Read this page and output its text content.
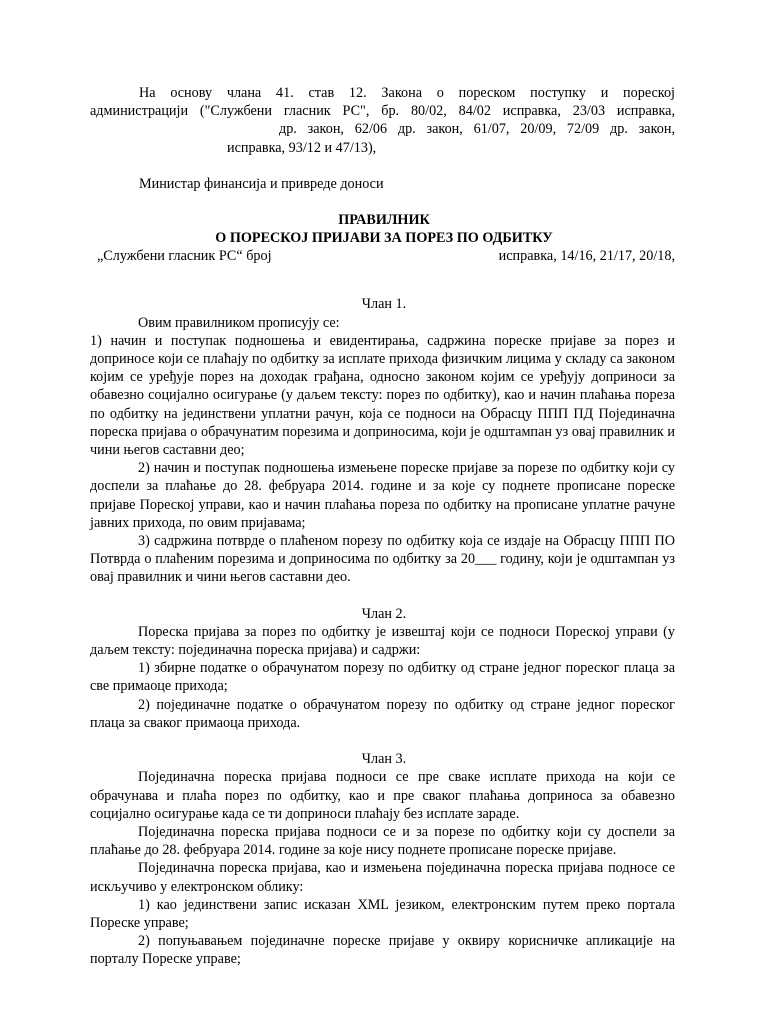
На основу члана 41. став 12. Закона о пореском поступку и пореској

администрацији ("Службени гласник РС", бр. 80/02, 84/02 исправка, 23/03 исправка,

др. закон, 62/06 др. закон, 61/07, 20/09, 72/09 др. закон,

исправка, 93/12 и 47/13),

Министар финансија и привреде доноси

ПРАВИЛНИК

О ПОРЕСКОЈ ПРИЈАВИ ЗА ПОРЕЗ ПО ОДБИТКУ

„Службени гласник РС“ број	исправка, 14/16, 21/17, 20/18,

Члан 1.

Овим правилником прописују се:

1) начин и поступак подношења и евидентирања, садржина пореске пријаве за порез и доприносе који се плаћају по одбитку за исплате прихода физичким лицима у складу са законом којим се уређује порез на доходак грађана, односно законом којим се уређују доприноси за обавезно социјално осигурање (у даљем тексту: порез по одбитку), као и начин плаћања пореза по одбитку на јединствени уплатни рачун, која се подноси на Обрасцу ППП ПД Појединачна пореска пријава о обрачунатим порезима и доприносима, који је одштампан уз овај правилник и чини његов саставни део;

2) начин и поступак подношења измењене пореске пријаве за порезе по одбитку који су доспели за плаћање до 28. фебруара 2014. године и за које су поднете прописане пореске пријаве Пореској управи, као и начин плаћања пореза по одбитку на прописане уплатне рачуне јавних прихода, по овим пријавама;

3) садржина потврде о плаћеном порезу по одбитку која се издаје на Обрасцу ППП ПО Потврда о плаћеним порезима и доприносима по одбитку за 20___ годину, који је одштампан уз овај правилник и чини његов саставни део.

Члан 2.

Пореска пријава за порез по одбитку је извештај који се подноси Пореској управи (у даљем тексту: појединачна пореска пријава) и садржи:

1) збирне податке о обрачунатом порезу по одбитку од стране једног пореског плаца за све примаоце прихода;

2) појединачне податке о обрачунатом порезу по одбитку од стране једног пореског плаца за сваког примаоца прихода.

Члан 3.

Појединачна пореска пријава подноси се пре сваке исплате прихода на који се обрачунава и плаћа порез по одбитку, као и пре сваког плаћања доприноса за обавезно социјално осигурање када се ти доприноси плаћају без исплате зараде.

Појединачна пореска пријава подноси се и за порезе по одбитку који су доспели за плаћање до 28. фебруара 2014. године за које нису поднете прописане пореске пријаве.

Појединачна пореска пријава, као и измењена појединачна пореска пријава подносе се искључиво у електронском облику:

1) као јединствени запис исказан XML језиком, електронским путем преко портала Пореске управе;

2) попуњавањем појединачне пореске пријаве у оквиру корисничке апликације на порталу Пореске управе;
